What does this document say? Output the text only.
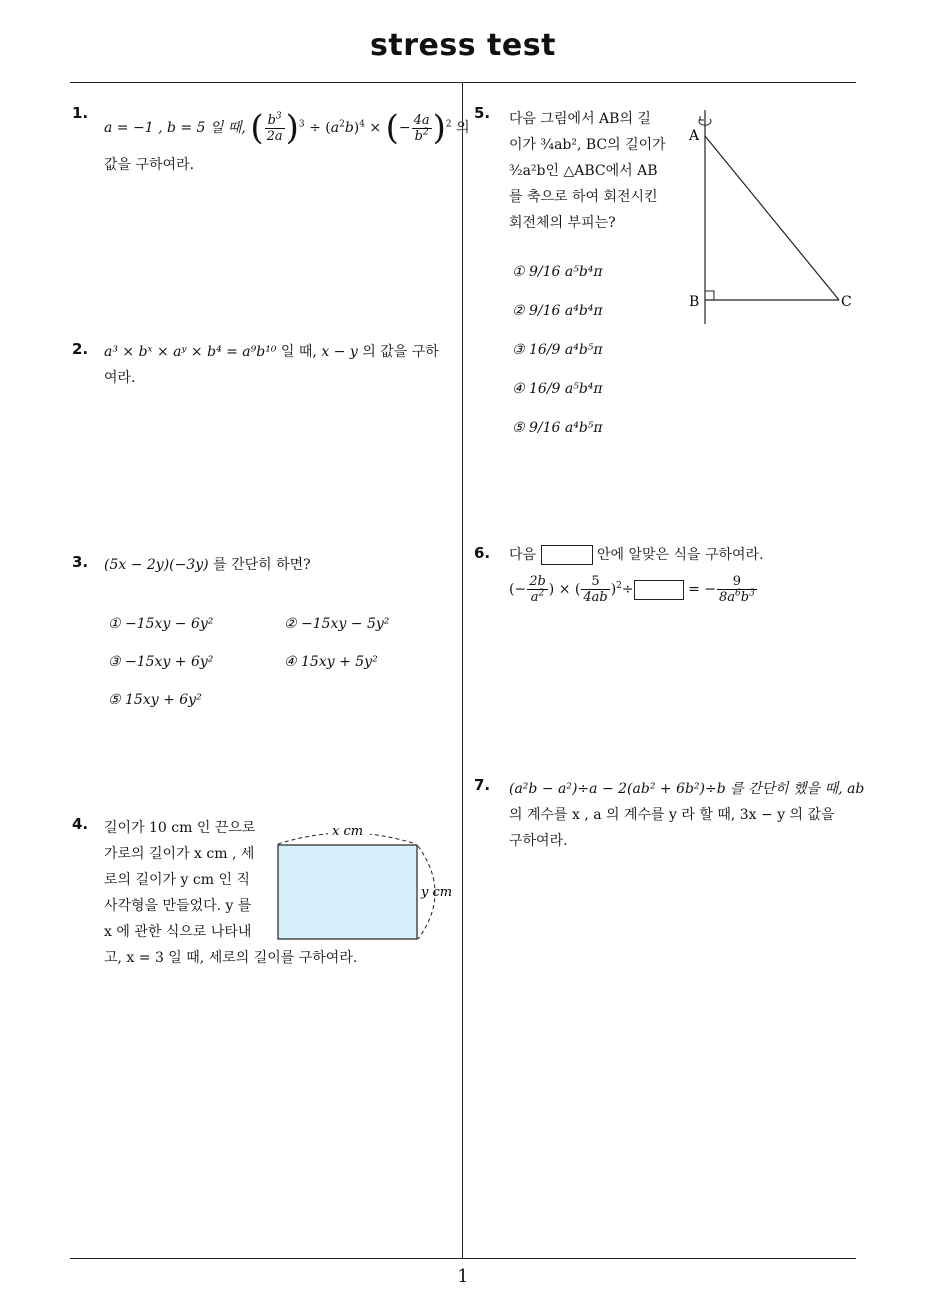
stress test
1
1.
a = −1 , b = 5 일 때, ( $\frac{b^3}{2a} )^3 \div (a^2b)^4$ × (− $\frac{4a}{b^2} )^2$ 의
값을 구하여라.
2. a³ × bˣ × aʸ × b⁴ = a⁹b¹⁰ 일 때, x − y 의 값을 구하
여라.
3. (5x − 2y)(−3y) 를 간단히 하면?
① −15xy − 6y²	② −15xy − 5y²
③ −15xy + 6y²	④ 15xy + 5y²
⑤ 15xy + 6y²
4. 길이가 10 cm 인 끈으로
가로의 길이가 x cm , 세
로의 길이가 y cm 인 직
사각형을 만들었다. y 를
x 에 관한 식으로 나타내
고, x = 3 일 때, 세로의 길이를 구하여라.
x cm
y cm
5. 다음 그림에서 AB의 길
이가 ¾ab², BC의 길이가
³⁄₂a²b인 △ABC에서 AB
를 축으로 하여 회전시킨
회전체의 부피는?
① 9/16 a⁵b⁴π
② 9/16 a⁴b⁴π
③ 16/9 a⁴b⁵π
④ 16/9 a⁵b⁴π
⑤ 9/16 a⁴b⁵π
A
B	C
6. 다음	안에 알맞은 식을 구하여라.
(− $\frac{2b}{a^2}$ ) × ( $\frac{5}{4ab} )^2\div$	= − $\frac{9}{8a^6b^3}$
7. (a²b − a²)÷a − 2(ab² + 6b²)÷b 를 간단히 했을 때, ab
의 계수를 x , a 의 계수를 y 라 할 때, 3x − y 의 값을
구하여라.
